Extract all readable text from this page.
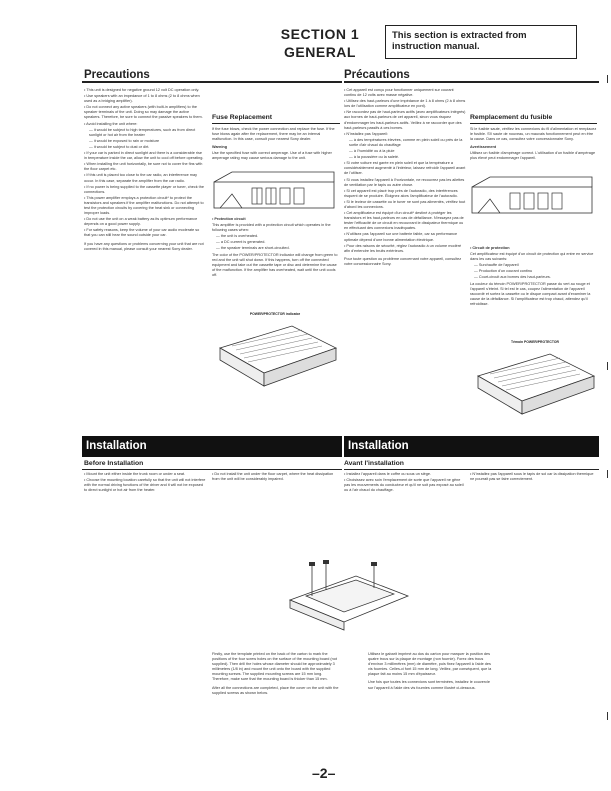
SECTION 1
GENERAL
This section is extracted from instruction manual.
Precautions

• This unit is designed for negative ground 12 volt DC operation only.

• Use speakers with an impedance of 1 to 8 ohms (2 to 8 ohms when used as a bridging amplifier).

• Do not connect any active speakers (with built-in amplifiers) to the speaker terminals of the unit. Doing so may damage the active speakers. Therefore, be sure to connect the passive speakers to them.

• Avoid installing the unit where:

— it would be subject to high temperatures, such as from direct sunlight or hot air from the heater

— it would be exposed to rain or moisture

— it would be subject to dust or dirt.

• If your car is parked in direct sunlight and there is a considerable rise in temperature inside the car, allow the unit to cool off before operating.

• When installing the unit horizontally, be sure not to cover the fins with the floor carpet etc.

• If this unit is placed too close to the car radio, an interference may occur. In this case, separate the amplifier from the car radio.

• If no power is being supplied to the cassette player or tuner, check the connections.

• This power amplifier employs a protection circuit* to protect the transistors and speakers if the amplifier malfunctions. Do not attempt to test the protection circuits by covering the heat sink or connecting improper loads.

• Do not use the unit on a weak battery as its optimum performance depends on a good power supply.

• For safety reasons, keep the volume of your car audio moderate so that you can still hear the sound outside your car.

If you have any questions or problems concerning your unit that are not covered in this manual, please consult your nearest Sony dealer.

Fuse Replacement

If the fuse blows, check the power connection and replace the fuse. If the fuse blows again after the replacement, there may be an internal malfunction. In this case, consult your nearest Sony dealer.

Warning

Use the specified fuse with correct amperage. Use of a fuse with higher amperage rating may cause serious damage to the unit.

• Protection circuit

This amplifier is provided with a protection circuit which operates in the following cases when:

— the unit is overheated.

— a DC current is generated.

— the speaker terminals are short-circuited.

The color of the POWER/PROTECTOR indicator will change from green to red and the unit will shut down. If this happens, turn off the connected equipment and take out the cassette tape or disc and determine the cause of the malfunction. If the amplifier has overheated, wait until the unit cools off.

POWER/PROTECTOR indicator
Précautions

• Cet appareil est conçu pour fonctionner uniquement sur courant continu de 12 volts avec masse négative.

• Utilisez des haut-parleurs d'une impédance de 1 à 8 ohms (2 à 8 ohms lors de l'utilisation comme amplificateur en pont).

• Ne raccordez pas de haut-parleurs actifs (avec amplificateurs intégrés) aux bornes de haut-parleurs de cet appareil, sinon vous risquez d'endommager les haut-parleurs actifs. Veillez à ne raccorder que des haut-parleurs passifs à ces bornes.

• N'installez pas l'appareil:

— à des températures élevées, comme en plein soleil ou près de la sortie d'air chaud du chauffage

— à l'humidité ou à la pluie

— à la poussière ou la saleté.

• Si votre voiture est garée en plein soleil et que la température a considérablement augmenté à l'intérieur, laissez refroidir l'appareil avant de l'utiliser.

• Si vous installez l'appareil à l'horizontale, ne recouvrez pas les ailettes de ventilation par le tapis ou autre chose.

• Si cet appareil est placé trop près de l'autoradio, des interférences risquent de se produire. Éloignez alors l'amplificateur de l'autoradio.

• Si le lecteur de cassette ou le tuner ne sont pas alimentés, vérifiez tout d'abord les connexions.

• Cet amplificateur est équipé d'un circuit* destiné à protéger les transistors et les haut-parleurs en cas de défaillance. N'essayez pas de tester l'efficacité de ce circuit en recouvrant le dissipateur thermique ou en effectuant des connexions inadéquates.

• N'utilisez pas l'appareil sur une batterie faible, car sa performance optimale dépend d'une bonne alimentation électrique.

• Pour des raisons de sécurité, réglez l'autoradio à un volume modéré afin d'entendre les bruits extérieurs.

Pour toute question ou problème concernant votre appareil, consultez votre concessionnaire Sony.

Remplacement du fusible

Si le fusible saute, vérifiez les connexions du fil d'alimentation et remplacez le fusible. S'il saute de nouveau, un mauvais fonctionnement peut en être la cause. Dans ce cas, consultez votre concessionnaire Sony.

Avertissement

Utilisez un fusible d'ampérage correct. L'utilisation d'un fusible d'ampérage plus élevé peut endommager l'appareil.

• Circuit de protection

Cet amplificateur est équipé d'un circuit de protection qui entre en service dans les cas suivants:

— Surchauffe de l'appareil

— Production d'un courant continu

— Court-circuit aux bornes des haut-parleurs.

La couleur du témoin POWER/PROTECTOR passe du vert au rouge et l'appareil s'éteint. Si tel est le cas, coupez l'alimentation de l'appareil raccordé et sortez la cassette ou le disque compact avant d'examiner la cause de la défaillance. Si l'amplificateur est trop chaud, attendez qu'il refroidisse.

Témoin POWER/PROTECTOR
Installation	Installation
Before Installation	Avant l'installation

• Mount the unit either inside the trunk room or under a seat.

• Choose the mounting location carefully so that the unit will not interfere with the normal driving functions of the driver and it will not be exposed to direct sunlight or hot air from the heater.

• Do not install the unit under the floor carpet, where the heat dissipation from the unit will be considerably impaired.

• Installez l'appareil dans le coffre ou sous un siège.

• Choisissez avec soin l'emplacement de sorte que l'appareil ne gêne pas les mouvements du conducteur et qu'il ne soit pas exposé au soleil ou à l'air chaud du chauffage.

• N'installez pas l'appareil sous le tapis de sol car la dissipation thermique ne pourrait pas se faire correctement.

Firstly, use the template printed on the back of the carton to mark the positions of the four screw holes on the surface of the mounting board (not supplied). Then drill the holes whose diameter should be approximately 3 millimeters (1/8 in) and mount the unit onto the board with the supplied mounting screws. The supplied mounting screws are 15 mm long. Therefore, make sure that the mounting board is thicker than 15 mm.

After all the connections are completed, place the cover on the unit with the supplied screws as shown below.

Utilisez le gabarit imprimé au dos du carton pour marquer la position des quatre trous sur la plaque de montage (non fournie). Forez des trous d'environ 3 millimètres (mm) de diamètre, puis fixez l'appareil à l'aide des vis fournies. Celles-ci font 15 mm de long. Veillez, par conséquent, que la plaque fait au moins 15 mm d'épaisseur.

Une fois que toutes les connexions sont terminées, installez le couvercle sur l'appareil à l'aide des vis fournies comme illustré ci-dessous.

–2–
